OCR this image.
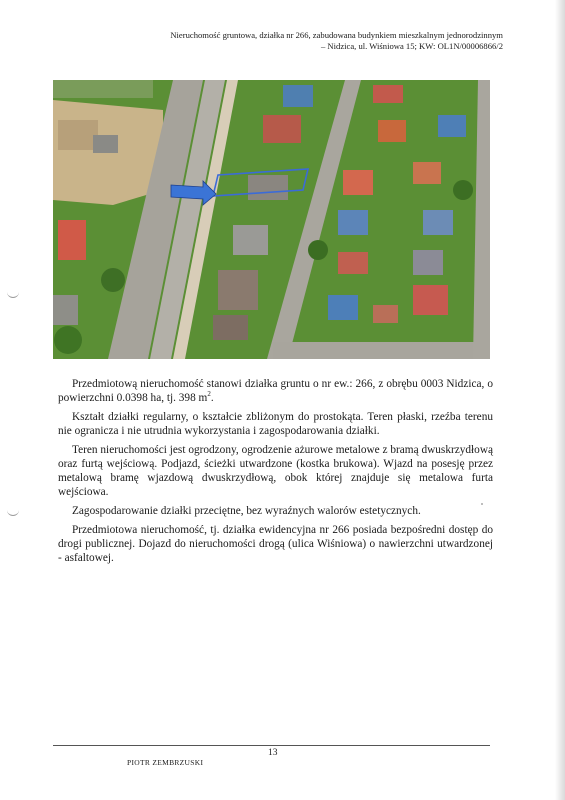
Nieruchomość gruntowa, działka nr 266, zabudowana budynkiem mieszkalnym jednorodzinnym
– Nidzica, ul. Wiśniowa 15; KW: OL1N/00006866/2

Przedmiotową nieruchomość stanowi działka gruntu o nr ew.: 266, z obrębu 0003 Nidzica, o powierzchni 0.0398 ha, tj. 398 $m^2$.

Kształt działki regularny, o kształcie zbliżonym do prostokąta. Teren płaski, rzeźba terenu nie ogranicza i nie utrudnia wykorzystania i zagospodarowania działki.

Teren nieruchomości jest ogrodzony, ogrodzenie ażurowe metalowe z bramą dwuskrzydłową oraz furtą wejściową. Podjazd, ścieżki utwardzone (kostka brukowa). Wjazd na posesję przez metalową bramę wjazdową dwuskrzydłową, obok której znajduje się metalowa furta wejściowa.

Zagospodarowanie działki przeciętne, bez wyraźnych walorów estetycznych.

Przedmiotowa nieruchomość, tj. działka ewidencyjna nr 266 posiada bezpośredni dostęp do drogi publicznej. Dojazd do nieruchomości drogą (ulica Wiśniowa) o nawierzchni utwardzonej - asfaltowej.

13
PIOTR ZEMBRZUSKI
